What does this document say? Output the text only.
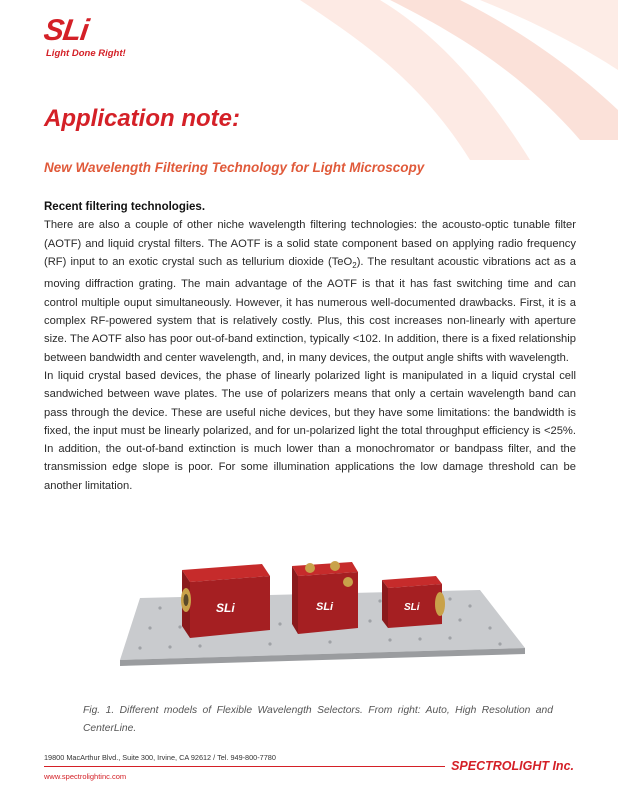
SLi
Light Done Right!
Application note:
New Wavelength Filtering Technology for Light Microscopy
Recent filtering technologies.

There are also a couple of other niche wavelength filtering technologies: the acousto-optic tunable filter (AOTF) and liquid crystal filters. The AOTF is a solid state component based on applying radio frequency (RF) input to an exotic crystal such as tellurium dioxide (TeO$_2$). The resultant acoustic vibrations act as a moving diffraction grating. The main advantage of the AOTF is that it has fast switching time and can control multiple ouput simultaneously. However, it has numerous well-documented drawbacks. First, it is a complex RF-powered system that is relatively costly. Plus, this cost increases non-linearly with aperture size. The AOTF also has poor out-of-band extinction, typically <102. In addition, there is a fixed relationship between bandwidth and center wavelength, and, in many devices, the output angle shifts with wavelength.

In liquid crystal based devices, the phase of linearly polarized light is manipulated in a liquid crystal cell sandwiched between wave plates. The use of polarizers means that only a certain wavelength band can pass through the device. These are useful niche devices, but they have some limitations: the bandwidth is fixed, the input must be linearly polarized, and for un-polarized light the total throughput efficiency is <25%. In addition, the out-of-band extinction is much lower than a monochromator or bandpass filter, and the transmission edge slope is poor. For some illumination applications the low damage threshold can be another limitation.

SLi	SLi	SLi
Fig. 1. Different models of Flexible Wavelength Selectors. From right: Auto, High Resolution and CenterLine.
19800 MacArthur Blvd., Suite 300, Irvine, CA 92612 / Tel. 949-800-7780
www.spectrolightinc.com
SPECTROLIGHT Inc.
